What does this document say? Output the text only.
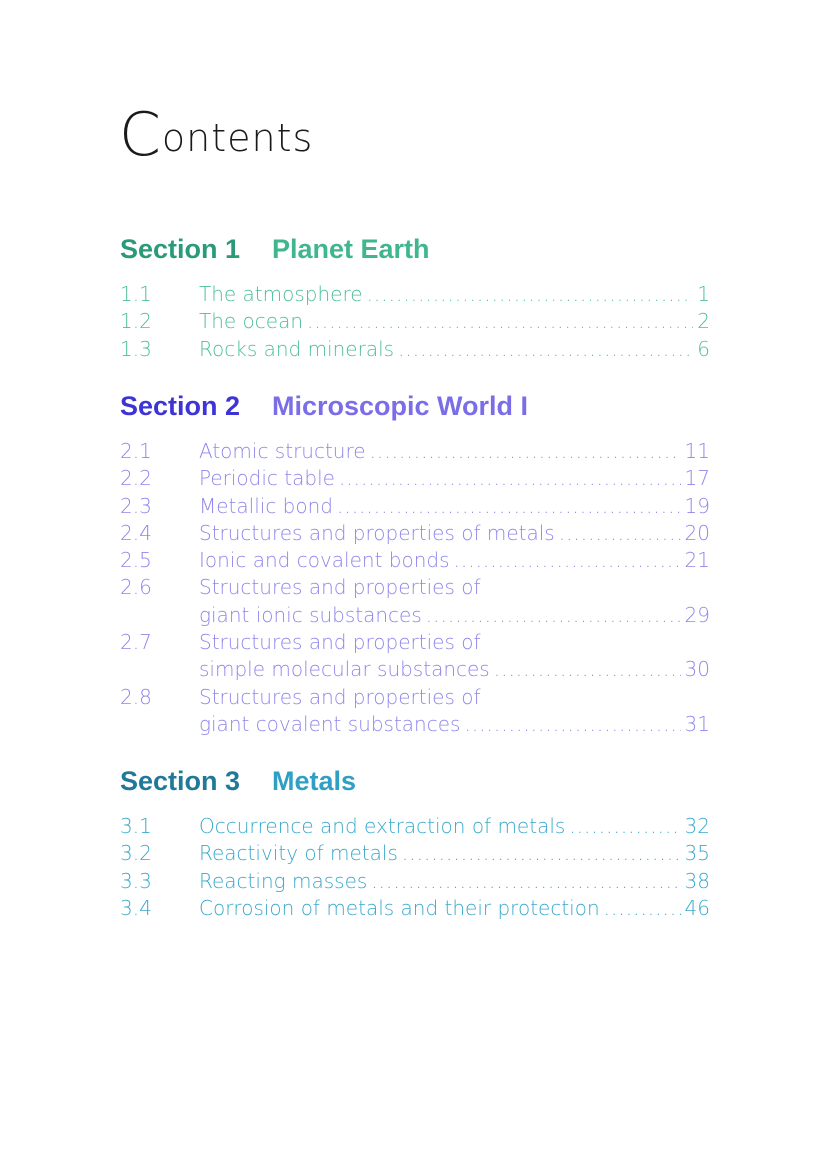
Contents
Section 1	Planet Earth
1.1	The atmosphere .....	1
1.2	The ocean .....	2
1.3	Rocks and minerals .....	6
Section 2	Microscopic World I
2.1	Atomic structure .....	11
2.2	Periodic table .....	17
2.3	Metallic bond .....	19
2.4	Structures and properties of metals .....	20
2.5	Ionic and covalent bonds .....	21
2.6	Structures and properties of
giant ionic substances .....	29
2.7	Structures and properties of
simple molecular substances .....	30
2.8	Structures and properties of
giant covalent substances .....	31
Section 3	Metals
3.1	Occurrence and extraction of metals .....	32
3.2	Reactivity of metals .....	35
3.3	Reacting masses .....	38
3.4	Corrosion of metals and their protection .....	46
